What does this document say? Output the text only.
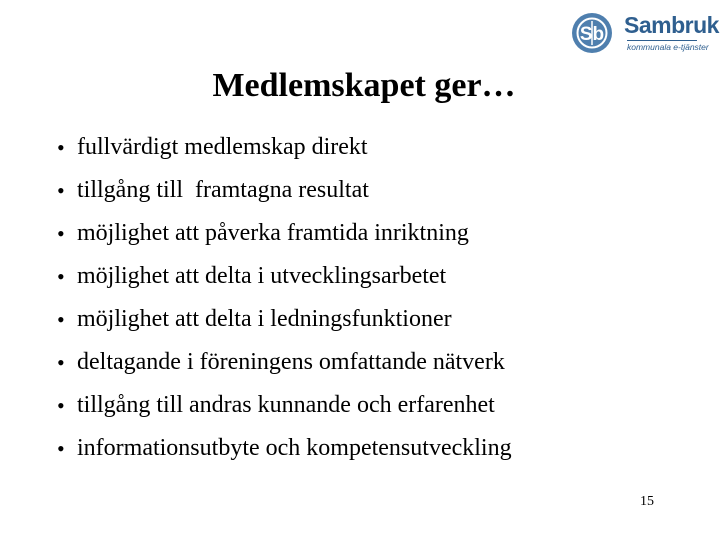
Sb Sambruk
kommunala e-tjänster
Medlemskapet ger…
• fullvärdigt medlemskap direkt
• tillgång till  framtagna resultat
• möjlighet att påverka framtida inriktning
• möjlighet att delta i utvecklingsarbetet
• möjlighet att delta i ledningsfunktioner
• deltagande i föreningens omfattande nätverk
• tillgång till andras kunnande och erfarenhet
• informationsutbyte och kompetensutveckling
15
